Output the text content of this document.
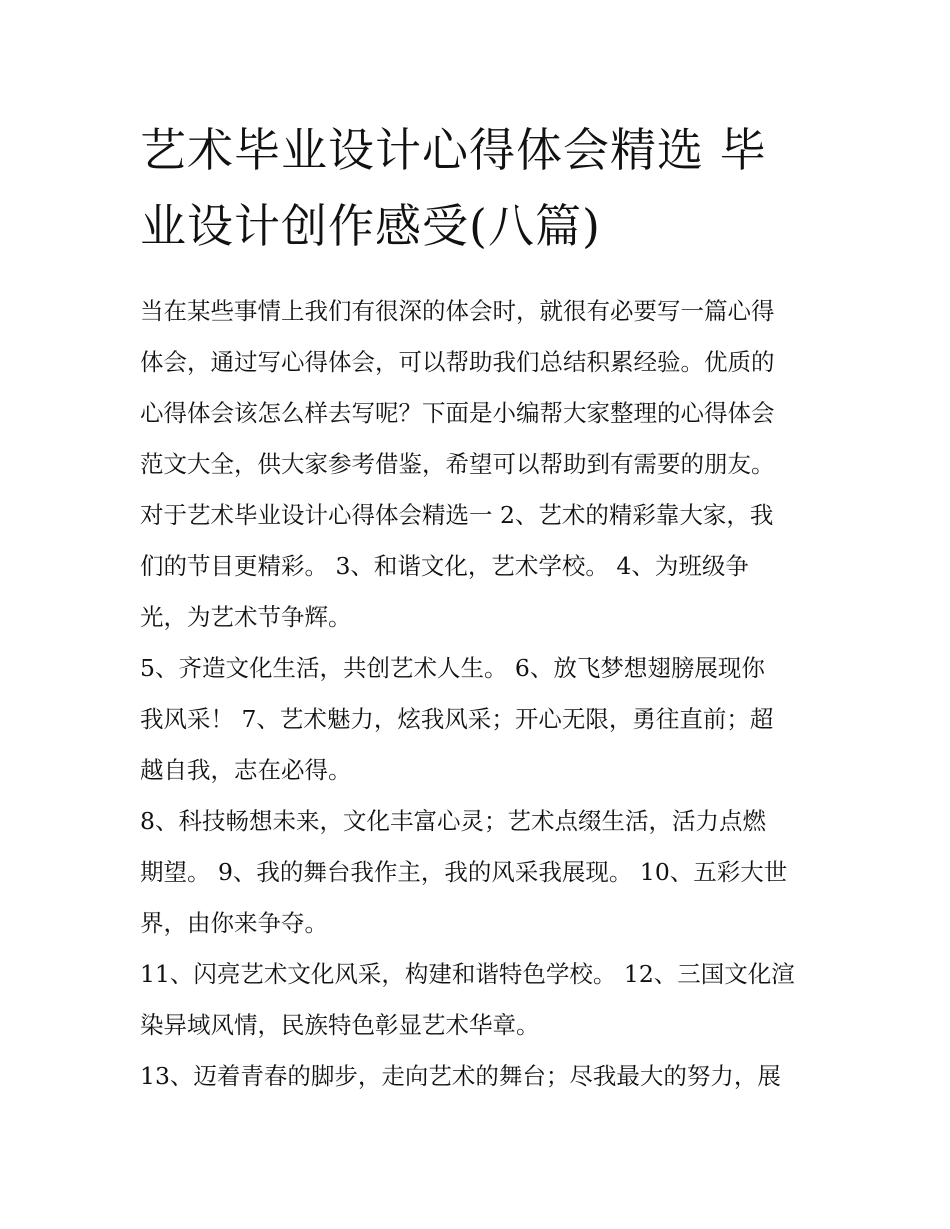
艺术毕业设计心得体会精选 毕
业设计创作感受(八篇)
当在某些事情上我们有很深的体会时，就很有必要写一篇心得
体会，通过写心得体会，可以帮助我们总结积累经验。优质的
心得体会该怎么样去写呢？下面是小编帮大家整理的心得体会
范文大全，供大家参考借鉴，希望可以帮助到有需要的朋友。
对于艺术毕业设计心得体会精选一 2、艺术的精彩靠大家，我
们的节目更精彩。 3、和谐文化，艺术学校。 4、为班级争
光，为艺术节争辉。
5、齐造文化生活，共创艺术人生。 6、放飞梦想翅膀展现你
我风采！ 7、艺术魅力，炫我风采；开心无限，勇往直前；超
越自我，志在必得。
8、科技畅想未来，文化丰富心灵；艺术点缀生活，活力点燃
期望。 9、我的舞台我作主，我的风采我展现。 10、五彩大世
界，由你来争夺。
11、闪亮艺术文化风采，构建和谐特色学校。 12、三国文化渲
染异域风情，民族特色彰显艺术华章。
13、迈着青春的脚步，走向艺术的舞台；尽我最大的努力，展
